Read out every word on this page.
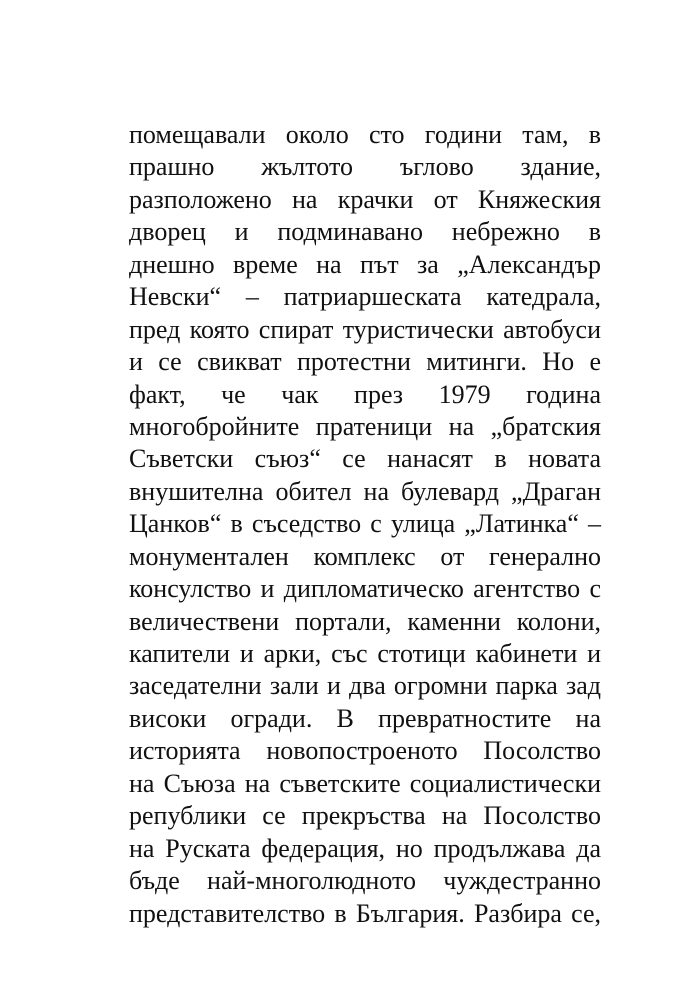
помещавали около сто години там, в
прашно жълтото ъглово здание,
разположено на крачки от Княжеския
дворец и подминавано небрежно в
днешно време на път за „Александър
Невски“ – патриаршеската катедрала,
пред която спират туристически автобуси
и се свикват протестни митинги. Но е
факт, че чак през 1979 година
многобройните пратеници на „братския
Съветски съюз“ се нанасят в новата
внушителна обител на булевард „Драган
Цанков“ в съседство с улица „Латинка“ –
монументален комплекс от генерално
консулство и дипломатическо агентство с
величествени портали, каменни колони,
капители и арки, със стотици кабинети и
заседателни зали и два огромни парка зад
високи огради. В превратностите на
историята новопостроеното Посолство
на Съюза на съветските социалистически
републики се прекръства на Посолство
на Руската федерация, но продължава да
бъде най-многолюдното чуждестранно
представителство в България. Разбира се,
